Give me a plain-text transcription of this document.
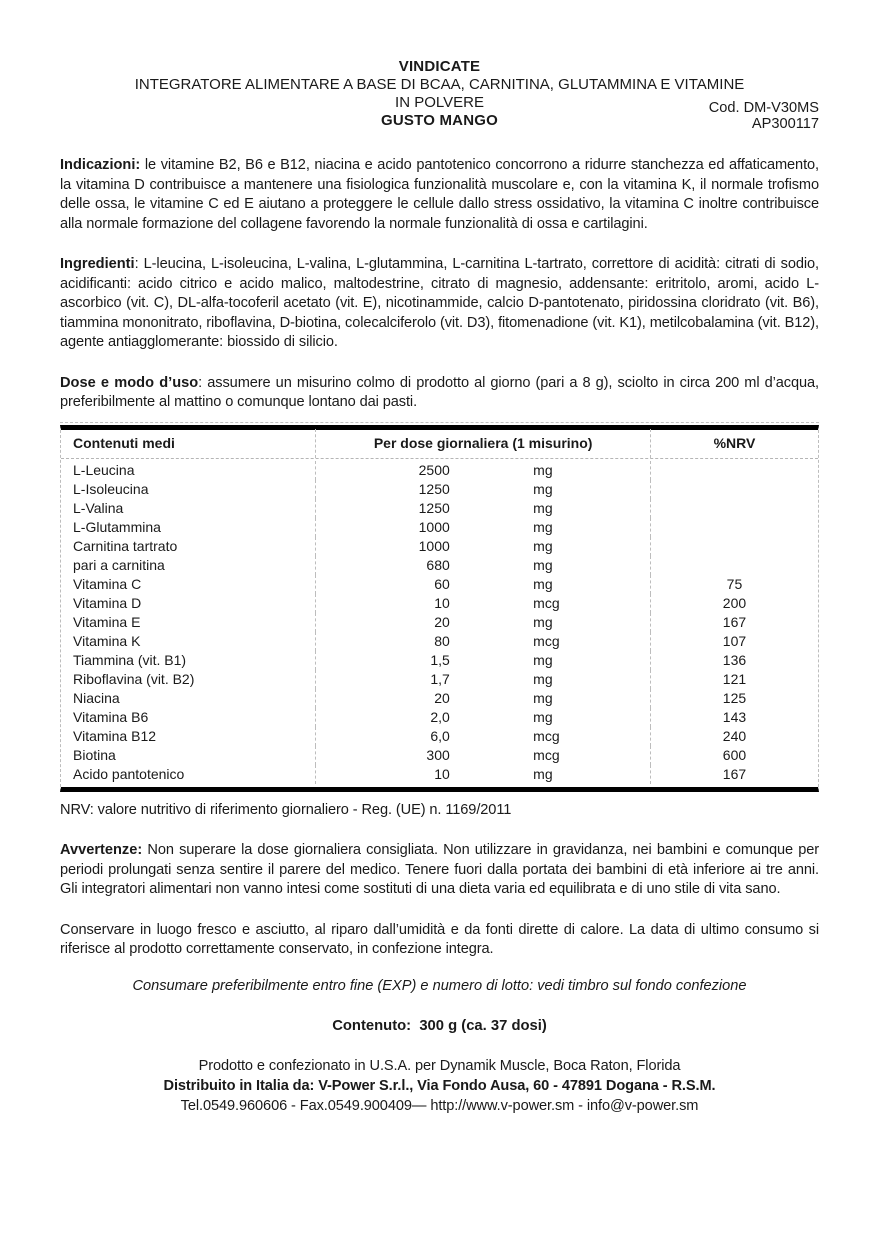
VINDICATE
INTEGRATORE ALIMENTARE A BASE DI BCAA, CARNITINA, GLUTAMMINA E VITAMINE
IN POLVERE
GUSTO MANGO
Cod. DM-V30MS
AP300117

Indicazioni: le vitamine B2, B6 e B12, niacina e acido pantotenico concorrono a ridurre stanchezza ed affaticamento, la vitamina D contribuisce a mantenere una fisiologica funzionalità muscolare e, con la vitamina K, il normale trofismo delle ossa, le vitamine C ed E aiutano a proteggere le cellule dallo stress ossidativo, la vitamina C inoltre contribuisce alla normale formazione del collagene favorendo la normale funzionalità di ossa e cartilagini.

Ingredienti: L-leucina, L-isoleucina, L-valina, L-glutammina, L-carnitina L-tartrato, correttore di acidità: citrati di sodio, acidificanti: acido citrico e acido malico, maltodestrine, citrato di magnesio, addensante: eritritolo, aromi, acido L-ascorbico (vit. C), DL-alfa-tocoferil acetato (vit. E), nicotinammide, calcio D-pantotenato, piridossina cloridrato (vit. B6), tiammina mononitrato, riboflavina, D-biotina, colecalciferolo (vit. D3), fitomenadione (vit. K1), metilcobalamina (vit. B12), agente antiagglomerante: biossido di silicio.

Dose e modo d’uso: assumere un misurino colmo di prodotto al giorno (pari a 8 g), sciolto in circa 200 ml d’acqua, preferibilmente al mattino o comunque lontano dai pasti.

Contenuti medi	Per dose giornaliera (1 misurino)	%NRV
L-Leucina	2500	mg
L-Isoleucina	1250	mg
L-Valina	1250	mg
L-Glutammina	1000	mg
Carnitina tartrato	1000	mg
pari a carnitina	680	mg
Vitamina C	60	mg	75
Vitamina D	10	mcg	200
Vitamina E	20	mg	167
Vitamina K	80	mcg	107
Tiammina (vit. B1)	1,5	mg	136
Riboflavina (vit. B2)	1,7	mg	121
Niacina	20	mg	125
Vitamina B6	2,0	mg	143
Vitamina B12	6,0	mcg	240
Biotina	300	mcg	600
Acido pantotenico	10	mg	167
NRV: valore nutritivo di riferimento giornaliero - Reg. (UE) n. 1169/2011

Avvertenze: Non superare la dose giornaliera consigliata. Non utilizzare in gravidanza, nei bambini e comunque per periodi prolungati senza sentire il parere del medico. Tenere fuori dalla portata dei bambini di età inferiore ai tre anni. Gli integratori alimentari non vanno intesi come sostituti di una dieta varia ed equilibrata e di uno stile di vita sano.

Conservare in luogo fresco e asciutto, al riparo dall’umidità e da fonti dirette di calore. La data di ultimo consumo si riferisce al prodotto correttamente conservato, in confezione integra.

Consumare preferibilmente entro fine (EXP) e numero di lotto: vedi timbro sul fondo confezione
Contenuto:  300 g (ca. 37 dosi)
Prodotto e confezionato in U.S.A. per Dynamik Muscle, Boca Raton, Florida
Distribuito in Italia da: V-Power S.r.l., Via Fondo Ausa, 60 - 47891 Dogana - R.S.M.
Tel.0549.960606 - Fax.0549.900409— http://www.v-power.sm - info@v-power.sm
